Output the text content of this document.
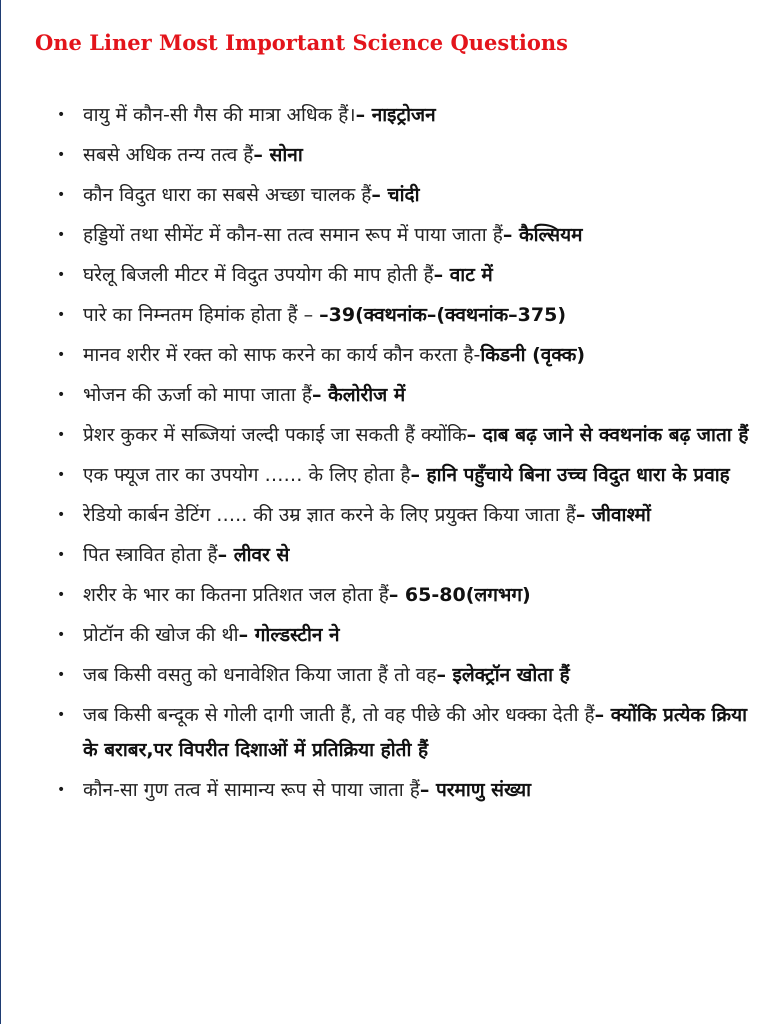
One Liner Most Important Science Questions
• वायु में कौन-सी गैस की मात्रा अधिक हैं।– नाइट्रोजन
• सबसे अधिक तन्य तत्व हैं– सोना
• कौन विदुत धारा का सबसे अच्छा चालक हैं– चांदी
• हड्डियों तथा सीमेंट में कौन-सा तत्व समान रूप में पाया जाता हैं– कैल्सियम
• घरेलू बिजली मीटर में विदुत उपयोग की माप होती हैं– वाट में
• पारे का निम्नतम हिमांक होता हैं – –39(क्वथनांक–(क्वथनांक–375)
• मानव शरीर में रक्त को साफ करने का कार्य कौन करता है-किडनी (वृक्क)
• भोजन की ऊर्जा को मापा जाता हैं– कैलोरीज में
• प्रेशर कुकर में सब्जियां जल्दी पकाई जा सकती हैं क्योंकि– दाब बढ़ जाने से क्वथनांक बढ़ जाता हैं
• एक फ्यूज तार का उपयोग …… के लिए होता है– हानि पहुँचाये बिना उच्च विदुत धारा के प्रवाह
• रेडियो कार्बन डेटिंग ….. की उम्र ज्ञात करने के लिए प्रयुक्त किया जाता हैं– जीवाश्मों
• पित स्त्रावित होता हैं– लीवर से
• शरीर के भार का कितना प्रतिशत जल होता हैं– 65-80(लगभग)
• प्रोटॉन की खोज की थी– गोल्डस्टीन ने
• जब किसी वसतु को धनावेशित किया जाता हैं तो वह– इलेक्ट्रॉन खोता हैं
• जब किसी बन्दूक से गोली दागी जाती हैं, तो वह पीछे की ओर धक्का देती हैं– क्योंकि प्रत्येक क्रिया के बराबर,पर विपरीत दिशाओं में प्रतिक्रिया होती हैं
• कौन-सा गुण तत्व में सामान्य रूप से पाया जाता हैं– परमाणु संख्या
